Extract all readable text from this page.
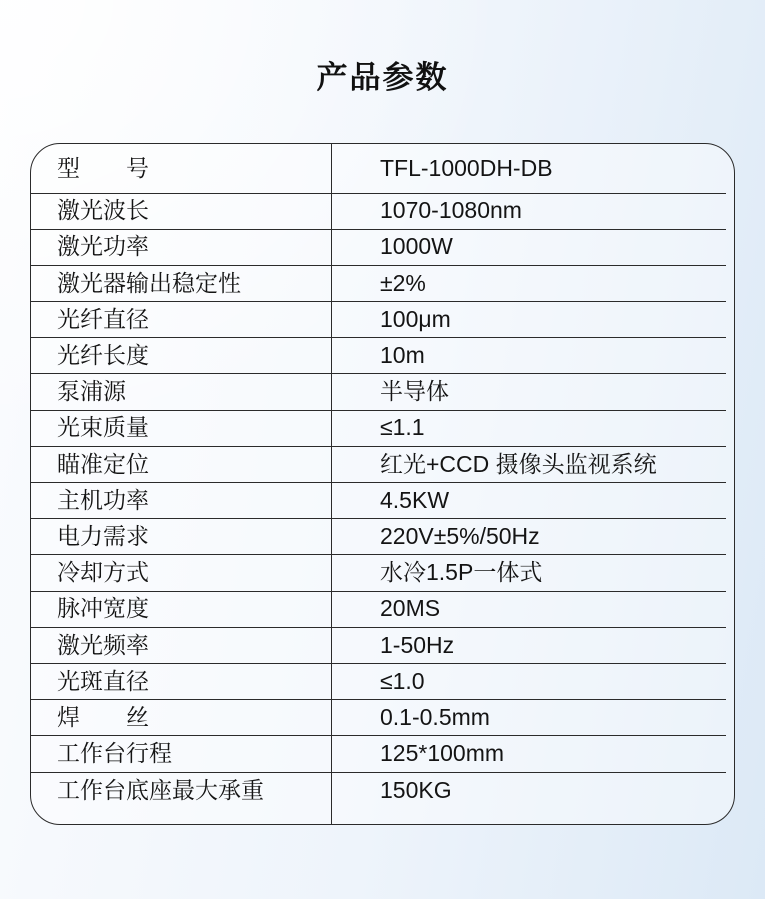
产品参数
型　　号	TFL-1000DH-DB
激光波长	1070-1080nm
激光功率	1000W
激光器输出稳定性	±2%
光纤直径	100μm
光纤长度	10m
泵浦源	半导体
光束质量	≤1.1
瞄准定位	红光+CCD 摄像头监视系统
主机功率	4.5KW
电力需求	220V±5%/50Hz
冷却方式	水冷1.5P一体式
脉冲宽度	20MS
激光频率	1-50Hz
光斑直径	≤1.0
焊　　丝	0.1-0.5mm
工作台行程	125*100mm
工作台底座最大承重	150KG
